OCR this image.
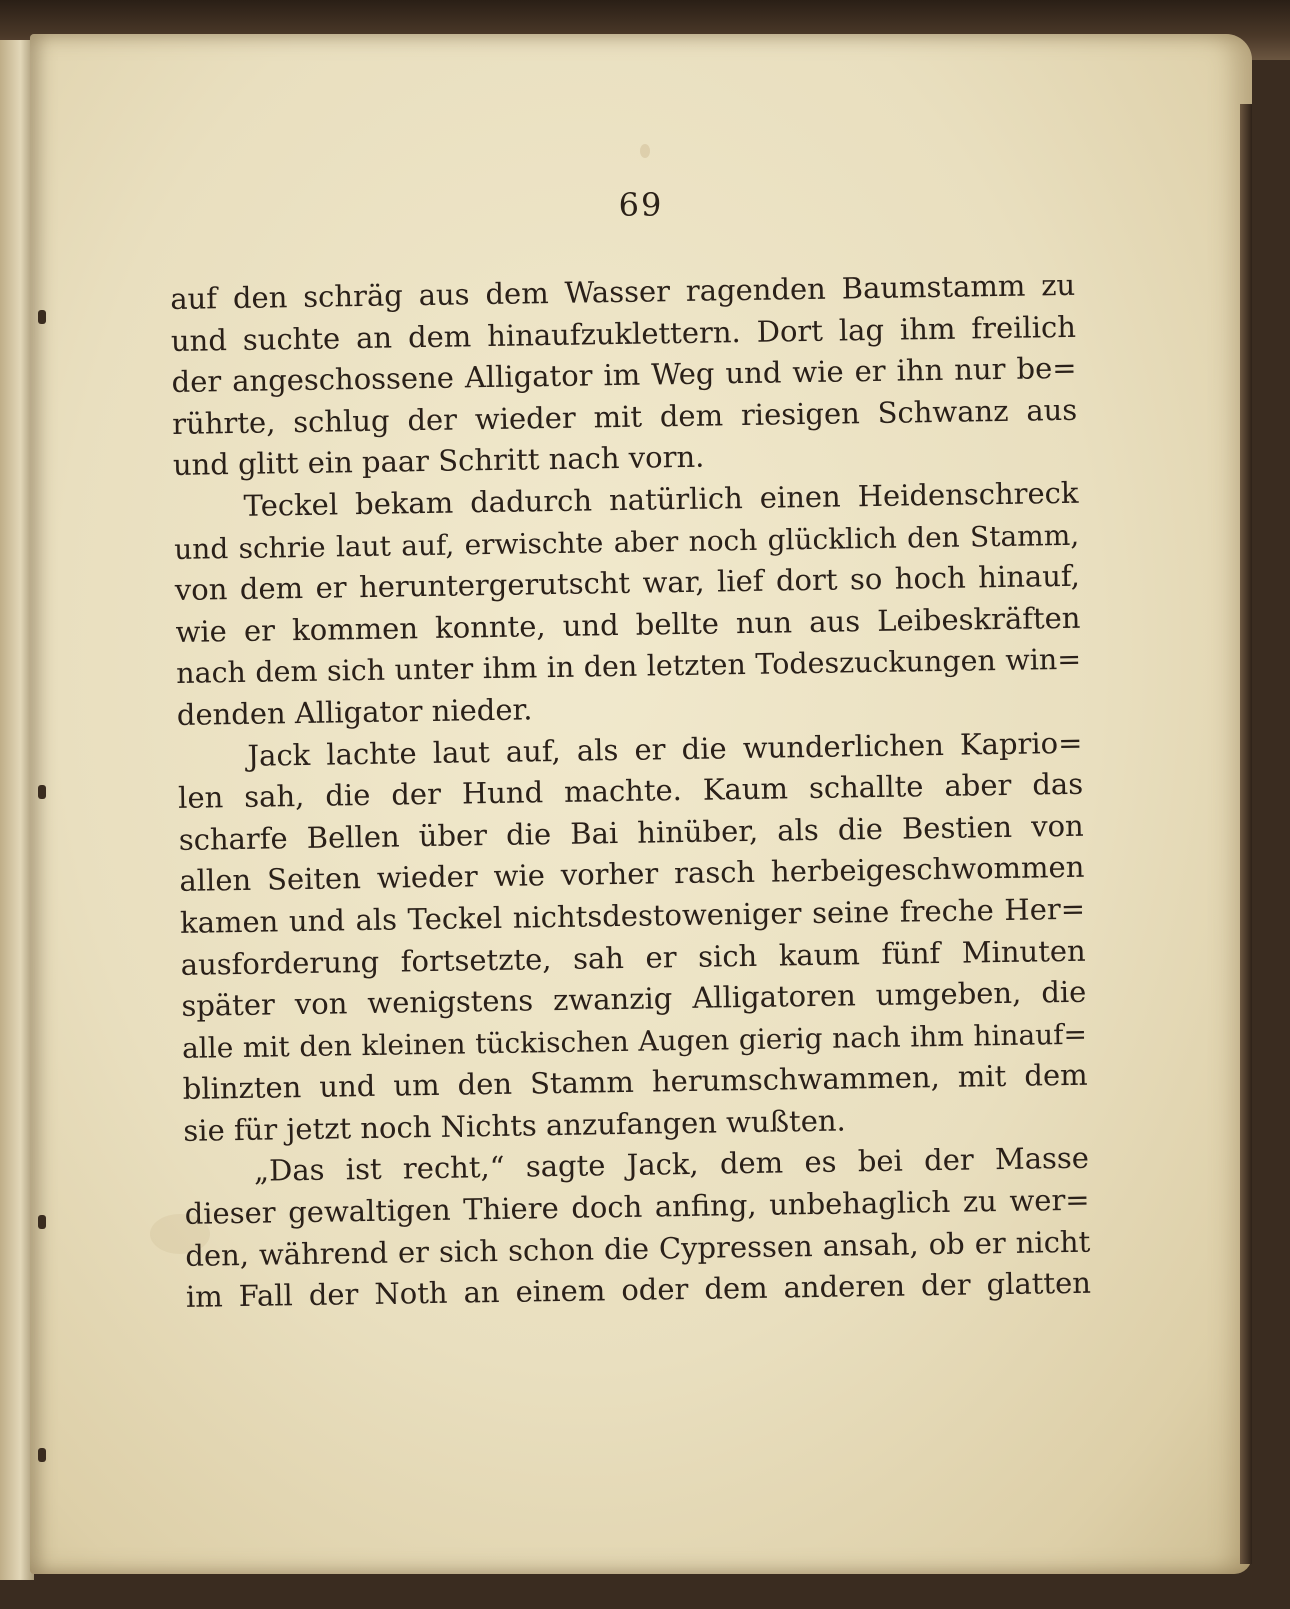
69
auf den schräg aus dem Wasser ragenden Baumstamm zu
und suchte an dem hinaufzuklettern. Dort lag ihm freilich
der angeschossene Alligator im Weg und wie er ihn nur be=
rührte, schlug der wieder mit dem riesigen Schwanz aus
und glitt ein paar Schritt nach vorn.
Teckel bekam dadurch natürlich einen Heidenschreck
und schrie laut auf, erwischte aber noch glücklich den Stamm,
von dem er heruntergerutscht war, lief dort so hoch hinauf,
wie er kommen konnte, und bellte nun aus Leibeskräften
nach dem sich unter ihm in den letzten Todeszuckungen win=
denden Alligator nieder.
Jack lachte laut auf, als er die wunderlichen Kaprio=
len sah, die der Hund machte. Kaum schallte aber das
scharfe Bellen über die Bai hinüber, als die Bestien von
allen Seiten wieder wie vorher rasch herbeigeschwommen
kamen und als Teckel nichtsdestoweniger seine freche Her=
ausforderung fortsetzte, sah er sich kaum fünf Minuten
später von wenigstens zwanzig Alligatoren umgeben, die
alle mit den kleinen tückischen Augen gierig nach ihm hinauf=
blinzten und um den Stamm herumschwammen, mit dem
sie für jetzt noch Nichts anzufangen wußten.
„Das ist recht,“ sagte Jack, dem es bei der Masse
dieser gewaltigen Thiere doch anfing, unbehaglich zu wer=
den, während er sich schon die Cypressen ansah, ob er nicht
im Fall der Noth an einem oder dem anderen der glatten
